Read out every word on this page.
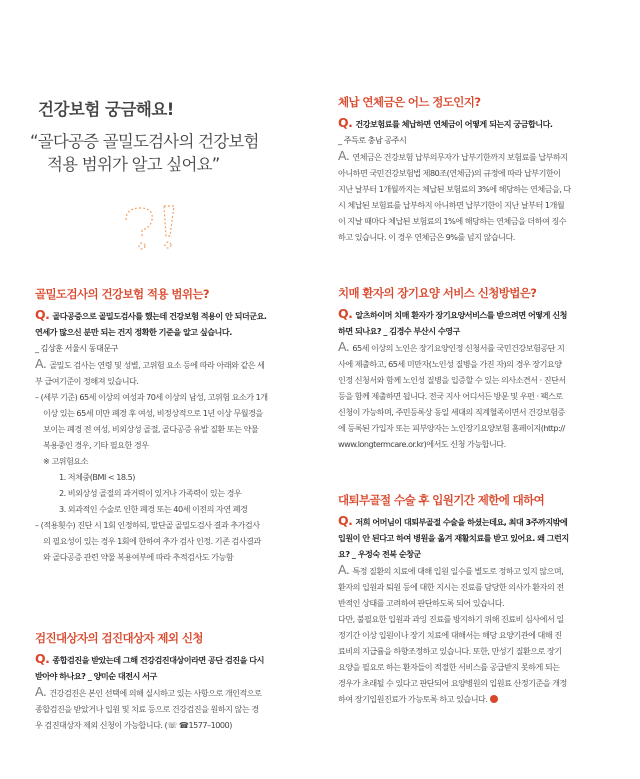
건강보험 궁금해요!
“골다공증 골밀도검사의 건강보험
적용 범위가 알고 싶어요”
골밀도검사의 건강보험 적용 범위는?

Q. 골다공증으로 골밀도검사를 했는데 건강보험 적용이 안 되더군요.

연세가 많으신 분만 되는 건지 정확한 기준을 알고 싶습니다.

_ 김상훈 서울시 동대문구

A. 골밀도 검사는 연령 및 성별, 고위험 요소 등에 따라 아래와 같은 세

부 급여기준이 정해져 있습니다.

– (세부 기준) 65세 이상의 여성과 70세 이상의 남성, 고위험 요소가 1개

이상 있는 65세 미만 폐경 후 여성, 비정상적으로 1년 이상 무월경을

보이는 폐경 전 여성, 비외상성 골절, 골다공증 유발 질환 또는 약물

복용중인 경우, 기타 필요한 경우

※ 고위험요소

1. 저체중(BMI < 18.5)

2. 비외상성 골절의 과거력이 있거나 가족력이 있는 경우

3. 외과적인 수술로 인한 폐경 또는 40세 이전의 자연 폐경

– (적용횟수) 진단 시 1회 인정하되, 말단골 골밀도검사 결과 추가검사

의 필요성이 있는 경우 1회에 한하여 추가 검사 인정. 기존 검사결과

와 골다공증 관련 약물 복용여부에 따라 추적검사도 가능함

검진대상자의 검진대상자 제외 신청

Q. 종합검진을 받았는데 그해 건강검진대상이라면 공단 검진을 다시

받아야 하나요? _ 양미순 대전시 서구

A. 건강검진은 본인 선택에 의해 실시하고 있는 사항으로 개인적으로

종합검진을 받았거나 입원 및 치료 등으로 건강검진을 원하지 않는 경

우 검진대상자 제외 신청이 가능합니다. (☏ ☎1577–1000)

체납 연체금은 어느 정도인지?

Q. 건강보험료를 체납하면 연체금이 어떻게 되는지 궁금합니다.

_ 주득로 충남 공주시

A. 연체금은 건강보험 납부의무자가 납부기한까지 보험료를 납부하지

아니하면 국민건강보험법 제80조(연체금)의 규정에 따라 납부기한이

지난 날부터 1개월까지는 체납된 보험료의 3%에 해당하는 연체금을, 다

시 체납된 보험료를 납부하지 아니하면 납부기한이 지난 날부터 1개월

이 지날 때마다 체납된 보험료의 1%에 해당하는 연체금을 더하여 징수

하고 있습니다. 이 경우 연체금은 9%를 넘지 않습니다.

치매 환자의 장기요양 서비스 신청방법은?

Q. 알츠하이머 치매 환자가 장기요양서비스를 받으려면 어떻게 신청

하면 되나요? _ 김경수 부산시 수영구

A. 65세 이상의 노인은 장기요양인정 신청서를 국민건강보험공단 지

사에 제출하고, 65세 미만자(노인성 질병을 가진 자)의 경우 장기요양

인정 신청서와 함께 노인성 질병을 입증할 수 있는 의사소견서 · 진단서

등을 함께 제출하면 됩니다. 전국 지사 어디서든 방문 및 우편 · 팩스로

신청이 가능하며, 주민등록상 동일 세대의 직계혈족이면서 건강보험증

에 등록된 가입자 또는 피부양자는 노인장기요양보험 홈페이지(http://

www.longtermcare.or.kr)에서도 신청 가능합니다.

대퇴부골절 수술 후 입원기간 제한에 대하여

Q. 저희 어머님이 대퇴부골절 수술을 하셨는데요, 최대 3주까지밖에

입원이 안 된다고 하여 병원을 옮겨 재활치료를 받고 있어요. 왜 그런지

요? _ 우정숙 전북 순창군

A. 특정 질환의 치료에 대해 입원 일수를 별도로 정하고 있지 않으며,

환자의 입원과 퇴원 등에 대한 지시는 진료를 담당한 의사가 환자의 전

반적인 상태를 고려하여 판단하도록 되어 있습니다.

다만, 불필요한 입원과 과잉 진료를 방지하기 위해 진료비 심사에서 일

정기간 이상 입원이나 장기 치료에 대해서는 해당 요양기관에 대해 진

료비의 지급률을 하향조정하고 있습니다. 또한, 만성기 질환으로 장기

요양을 필요로 하는 환자들이 적절한 서비스를 공급받지 못하게 되는

경우가 초래될 수 있다고 판단되어 요양병원의 입원료 산정기준을 개정

하여 장기입원진료가 가능토록 하고 있습니다.
